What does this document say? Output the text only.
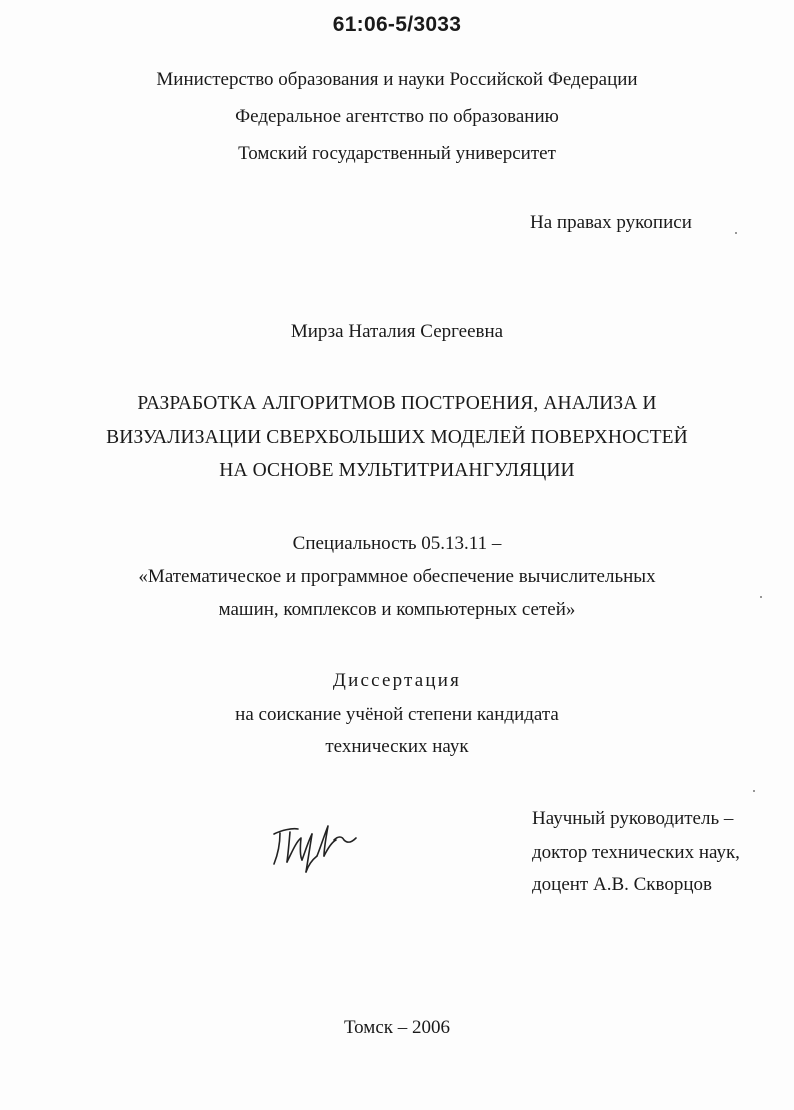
61:06-5/3033
Министерство образования и науки Российской Федерации
Федеральное агентство по образованию
Томский государственный университет
На правах рукописи
Мирза Наталия Сергеевна
РАЗРАБОТКА АЛГОРИТМОВ ПОСТРОЕНИЯ, АНАЛИЗА И
ВИЗУАЛИЗАЦИИ СВЕРХБОЛЬШИХ МОДЕЛЕЙ ПОВЕРХНОСТЕЙ
НА ОСНОВЕ МУЛЬТИТРИАНГУЛЯЦИИ
Специальность 05.13.11 –
«Математическое и программное обеспечение вычислительных
машин, комплексов и компьютерных сетей»
Диссертация
на соискание учёной степени кандидата
технических наук
Научный руководитель –
доктор технических наук,
доцент А.В. Скворцов
Томск – 2006
